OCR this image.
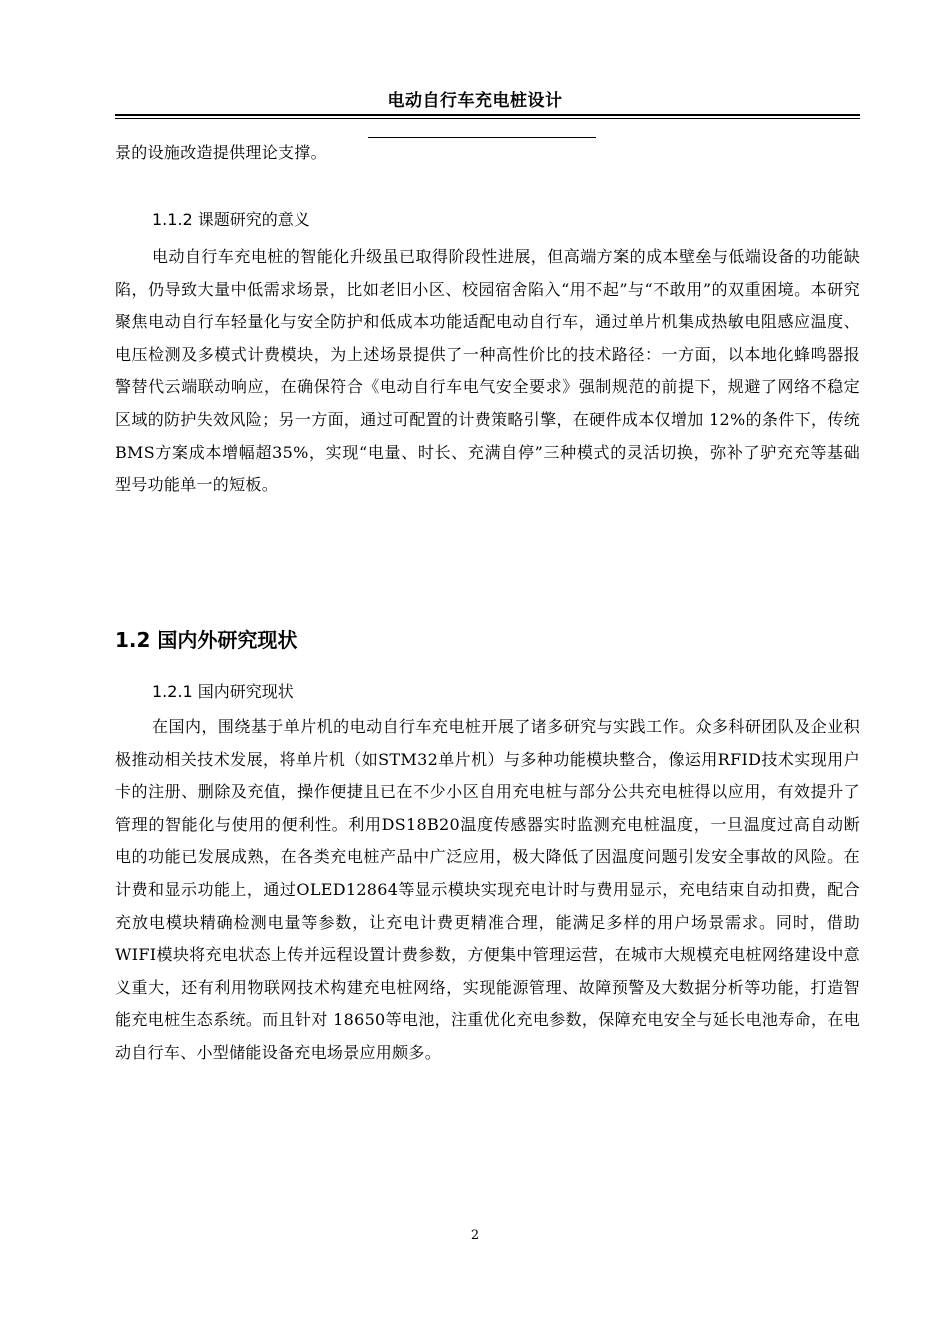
电动自行车充电桩设计

景的设施改造提供理论支撑。

1.1.2 课题研究的意义

电动自行车充电桩的智能化升级虽已取得阶段性进展，但高端方案的成本壁垒与低端设备的功能缺陷，仍导致大量中低需求场景，比如老旧小区、校园宿舍陷入“用不起”与“不敢用”的双重困境。本研究聚焦电动自行车轻量化与安全防护和低成本功能适配电动自行车，通过单片机集成热敏电阻感应温度、电压检测及多模式计费模块，为上述场景提供了一种高性价比的技术路径：一方面，以本地化蜂鸣器报警替代云端联动响应，在确保符合《电动自行车电气安全要求》强制规范的前提下，规避了网络不稳定区域的防护失效风险；另一方面，通过可配置的计费策略引擎，在硬件成本仅增加 12%的条件下，传统BMS方案成本增幅超35%，实现“电量、时长、充满自停”三种模式的灵活切换，弥补了驴充充等基础型号功能单一的短板。

1.2 国内外研究现状
1.2.1 国内研究现状

在国内，围绕基于单片机的电动自行车充电桩开展了诸多研究与实践工作。众多科研团队及企业积极推动相关技术发展，将单片机（如STM32单片机）与多种功能模块整合，像运用RFID技术实现用户卡的注册、删除及充值，操作便捷且已在不少小区自用充电桩与部分公共充电桩得以应用，有效提升了管理的智能化与使用的便利性。利用DS18B20温度传感器实时监测充电桩温度，一旦温度过高自动断电的功能已发展成熟，在各类充电桩产品中广泛应用，极大降低了因温度问题引发安全事故的风险。在计费和显示功能上，通过OLED12864等显示模块实现充电计时与费用显示，充电结束自动扣费，配合充放电模块精确检测电量等参数，让充电计费更精准合理，能满足多样的用户场景需求。同时，借助WIFI模块将充电状态上传并远程设置计费参数，方便集中管理运营，在城市大规模充电桩网络建设中意义重大，还有利用物联网技术构建充电桩网络，实现能源管理、故障预警及大数据分析等功能，打造智能充电桩生态系统。而且针对 18650等电池，注重优化充电参数，保障充电安全与延长电池寿命，在电动自行车、小型储能设备充电场景应用颇多。

2
